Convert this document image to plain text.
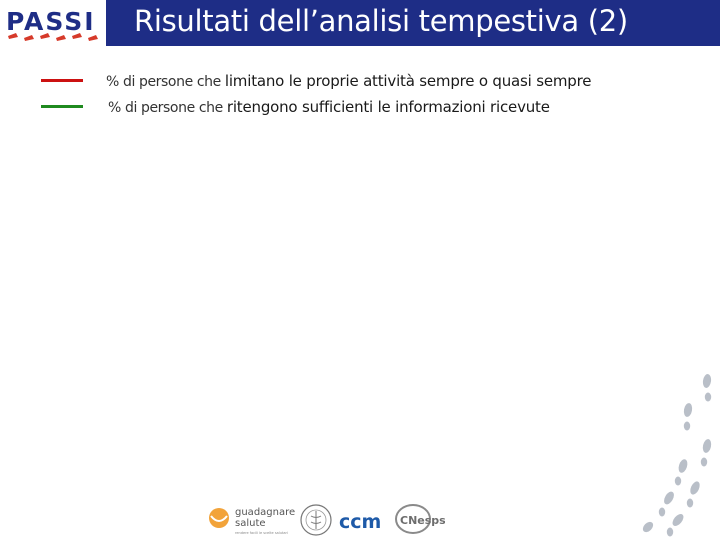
PASSI Risultati dell’analisi tempestiva (2)
% di persone che limitano le proprie attività sempre o quasi sempre
% di persone che ritengono sufficienti le informazioni ricevute
guadagnare
salute
rendere facili le scelte salutari	ccm CNesps
